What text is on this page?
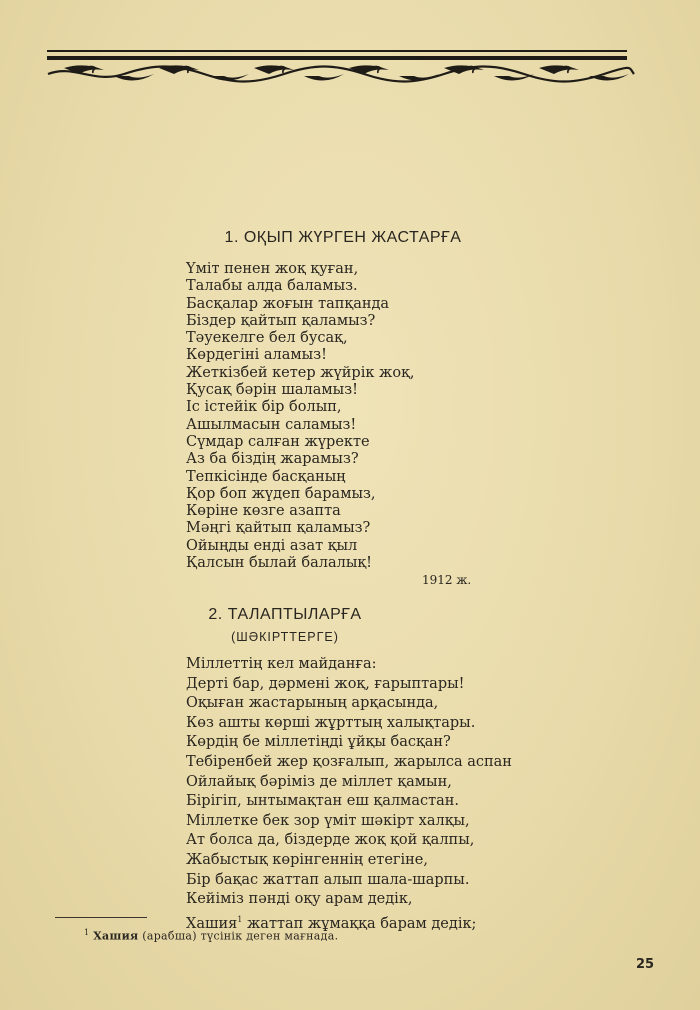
1. ОҚЫП ЖҮРГЕН ЖАСТАРҒА
Үміт пенен жоқ қуған,
Талабы алда баламыз.
Басқалар жоғын тапқанда
Біздер қайтып қаламыз?
Тәуекелге бел бусақ,
Көрдегіні аламыз!
Жеткізбей кетер жүйрік жоқ,
Қусақ бәрін шаламыз!
Іс істейік бір болып,
Ашылмасын саламыз!
Сүмдар салған жүректе
Аз ба біздің жарамыз?
Тепкісінде басқаның
Қор боп жүдеп барамыз,
Көріне көзге азапта
Мәңгі қайтып қаламыз?
Ойыңды енді азат қыл
Қалсын былай балалық!
1912 ж.
2. ТАЛАПТЫЛАРҒА
(ШӘКІРТТЕРГЕ)
Міллеттің кел майданға:
Дерті бар, дәрмені жоқ, ғарыптары!
Оқыған жастарының арқасында,
Көз ашты көрші жұрттың халықтары.
Көрдің бе міллетіңді ұйқы басқан?
Тебіренбей жер қозғалып, жарылса аспан
Ойлайық бәріміз де міллет қамын,
Бірігіп, ынтымақтан еш қалмастан.
Міллетке бек зор үміт шәкірт халқы,
Ат болса да, біздерде жоқ қой қалпы,
Жабыстық көрінгеннің етегіне,
Бір бақас жаттап алып шала-шарпы.
Кейіміз пәнді оқу арам дедік,
Хашия$^1$ жаттап жұмаққа барам дедік;
$^1$ Хашия (арабша) түсінік деген мағнада.
25
